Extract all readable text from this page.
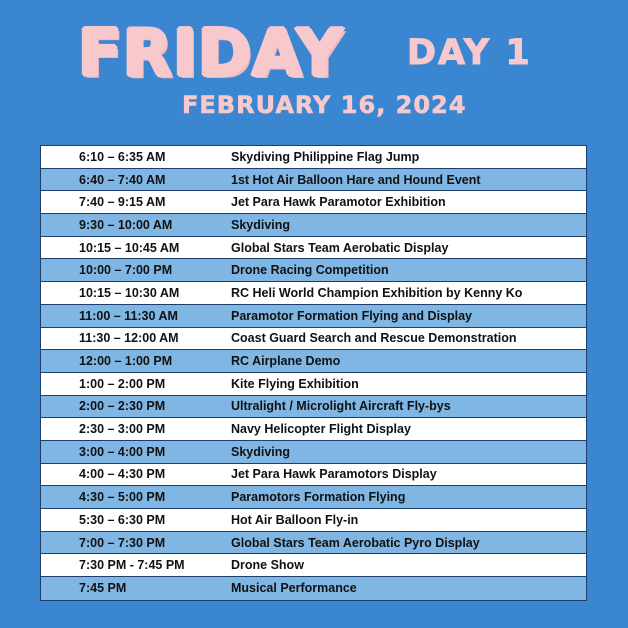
FRIDAY DAY 1
FEBRUARY 16, 2024
6:10 – 6:35 AM	Skydiving Philippine Flag Jump
6:40 – 7:40 AM	1st Hot Air Balloon Hare and Hound Event
7:40 – 9:15 AM	Jet Para Hawk Paramotor Exhibition
9:30 – 10:00 AM	Skydiving
10:15 – 10:45 AM	Global Stars Team Aerobatic Display
10:00 – 7:00 PM	Drone Racing Competition
10:15 – 10:30 AM	RC Heli World Champion Exhibition by Kenny Ko
11:00 – 11:30 AM	Paramotor Formation Flying and Display
11:30 – 12:00 AM	Coast Guard Search and Rescue Demonstration
12:00 – 1:00 PM	RC Airplane Demo
1:00 – 2:00 PM	Kite Flying Exhibition
2:00 – 2:30 PM	Ultralight / Microlight Aircraft Fly-bys
2:30 – 3:00 PM	Navy Helicopter Flight Display
3:00 – 4:00 PM	Skydiving
4:00 – 4:30 PM	Jet Para Hawk Paramotors Display
4:30 – 5:00 PM	Paramotors Formation Flying
5:30 – 6:30 PM	Hot Air Balloon Fly-in
7:00 – 7:30 PM	Global Stars Team Aerobatic Pyro Display
7:30 PM - 7:45 PM	Drone Show
7:45 PM	Musical Performance
